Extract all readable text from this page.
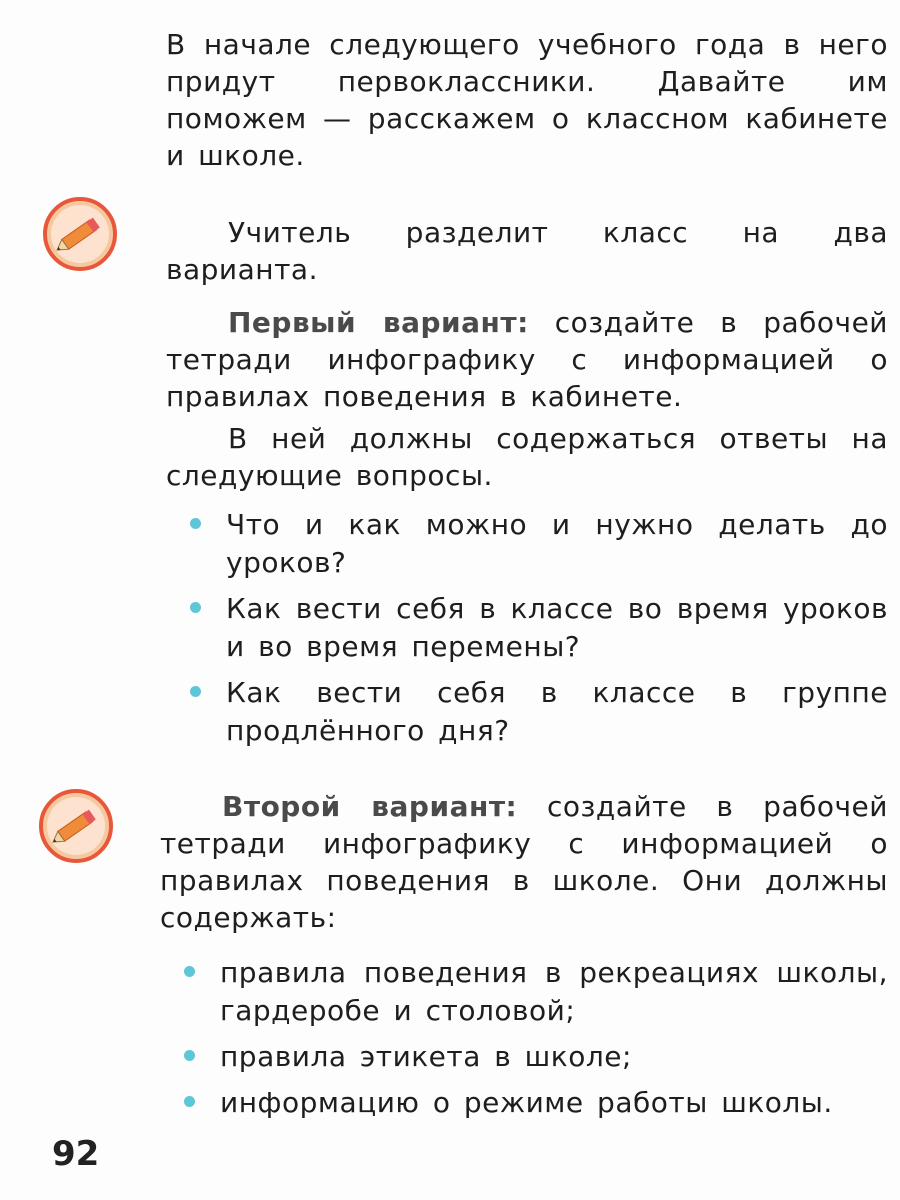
В начале следующего учебного года в него придут первоклассники. Давайте им поможем — расскажем о классном кабинете и школе.

Учитель разделит класс на два варианта.

Первый вариант: создайте в рабочей тетради инфографику с информацией о правилах поведения в кабинете.

В ней должны содержаться ответы на следующие вопросы.

Что и как можно и нужно делать до уроков?
Как вести себя в классе во время уроков и во время перемены?
Как вести себя в классе в группе продлённого дня?

Второй вариант: создайте в рабочей тетради инфографику с информацией о правилах поведения в школе. Они должны содержать:

правила поведения в рекреациях школы, гардеробе и столовой;
правила этикета в школе;
информацию о режиме работы школы.
92
